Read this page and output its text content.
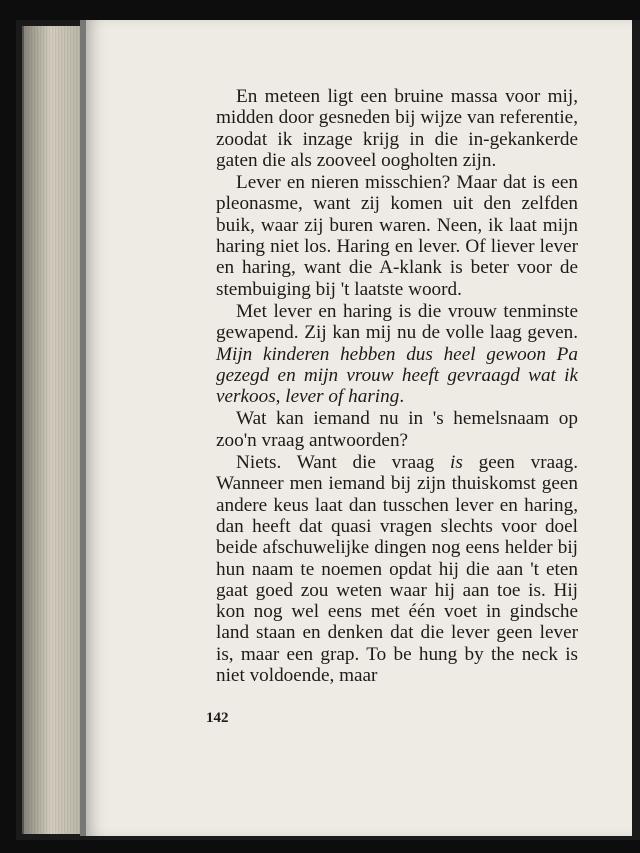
En meteen ligt een bruine massa voor mij, midden door gesneden bij wijze van referentie, zoodat ik inzage krijg in die in-gekankerde gaten die als zooveel oogholten zijn.

Lever en nieren misschien? Maar dat is een pleonasme, want zij komen uit den zelfden buik, waar zij buren waren. Neen, ik laat mijn haring niet los. Haring en lever. Of liever lever en haring, want die A-klank is beter voor de stembuiging bij 't laatste woord.

Met lever en haring is die vrouw tenminste gewapend. Zij kan mij nu de volle laag geven. Mijn kinderen hebben dus heel gewoon Pa gezegd en mijn vrouw heeft gevraagd wat ik verkoos, lever of haring.

Wat kan iemand nu in 's hemelsnaam op zoo'n vraag antwoorden?

Niets. Want die vraag is geen vraag. Wanneer men iemand bij zijn thuiskomst geen andere keus laat dan tusschen lever en haring, dan heeft dat quasi vragen slechts voor doel beide afschuwelijke dingen nog eens helder bij hun naam te noemen opdat hij die aan 't eten gaat goed zou weten waar hij aan toe is. Hij kon nog wel eens met één voet in gindsche land staan en denken dat die lever geen lever is, maar een grap. To be hung by the neck is niet voldoende, maar

142
